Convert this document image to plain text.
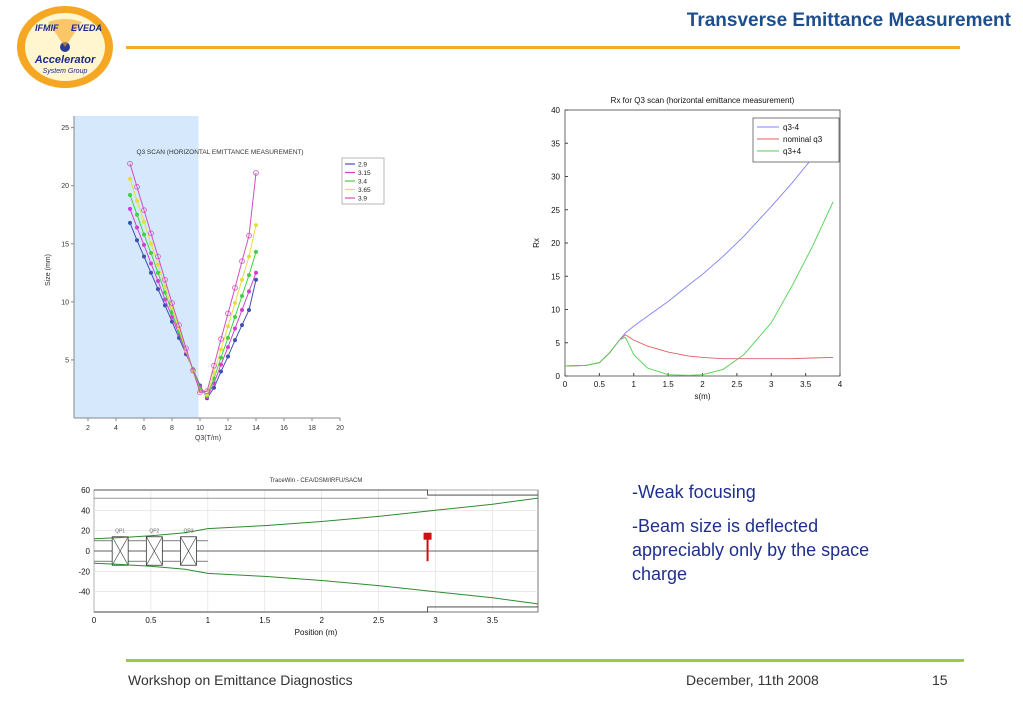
IFMIF EVEDA
Accelerator
System Group
Transverse Emittance Measurement
2	4	6	8	10	12	14	16	18	20
5
10
15
20
25
Q3 SCAN (HORIZONTAL EMITTANCE MEASUREMENT)
Q3(T/m)
Size (mm)
2.9
3.15
3.4
3.65
3.9
Rx for Q3 scan (horizontal emittance measurement)
0	0.5	1	1.5	2	2.5	3	3.5	4
0
5
10
15
20
25
30
35
40
s(m)
Rx
q3-4
nominal q3
q3+4
TraceWin - CEA/DSM/IRFU/SACM
60
40
20
0
-20
-40
0	0.5	1	1.5	2	2.5	3	3.5
Position (m)
QP1	QP2	QP3

-Weak focusing

-Beam size is deflected appreciably only by the space charge

Workshop on Emittance Diagnostics	December, 11th 2008	15
